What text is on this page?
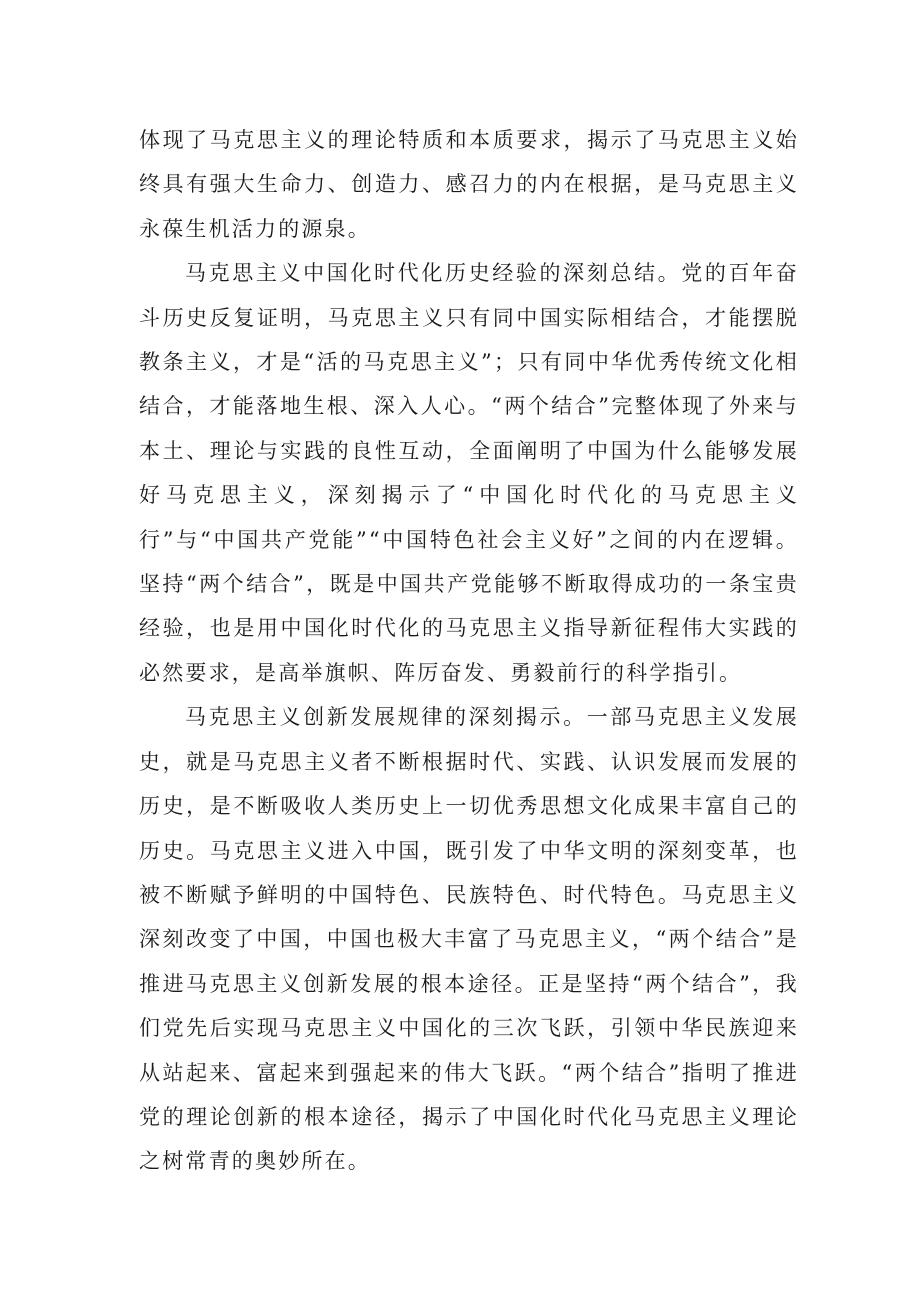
体现了马克思主义的理论特质和本质要求，揭示了马克思主义始终具有强大生命力、创造力、感召力的内在根据，是马克思主义永葆生机活力的源泉。

马克思主义中国化时代化历史经验的深刻总结。党的百年奋斗历史反复证明，马克思主义只有同中国实际相结合，才能摆脱教条主义，才是“活的马克思主义”；只有同中华优秀传统文化相结合，才能落地生根、深入人心。“两个结合”完整体现了外来与本土、理论与实践的良性互动，全面阐明了中国为什么能够发展好马克思主义，深刻揭示了“中国化时代化的马克思主义行”与“中国共产党能”“中国特色社会主义好”之间的内在逻辑。坚持“两个结合”，既是中国共产党能够不断取得成功的一条宝贵经验，也是用中国化时代化的马克思主义指导新征程伟大实践的必然要求，是高举旗帜、阵厉奋发、勇毅前行的科学指引。

马克思主义创新发展规律的深刻揭示。一部马克思主义发展史，就是马克思主义者不断根据时代、实践、认识发展而发展的历史，是不断吸收人类历史上一切优秀思想文化成果丰富自己的历史。马克思主义进入中国，既引发了中华文明的深刻变革，也被不断赋予鲜明的中国特色、民族特色、时代特色。马克思主义深刻改变了中国，中国也极大丰富了马克思主义，“两个结合”是推进马克思主义创新发展的根本途径。正是坚持“两个结合”，我们党先后实现马克思主义中国化的三次飞跃，引领中华民族迎来从站起来、富起来到强起来的伟大飞跃。“两个结合”指明了推进党的理论创新的根本途径，揭示了中国化时代化马克思主义理论之树常青的奥妙所在。
